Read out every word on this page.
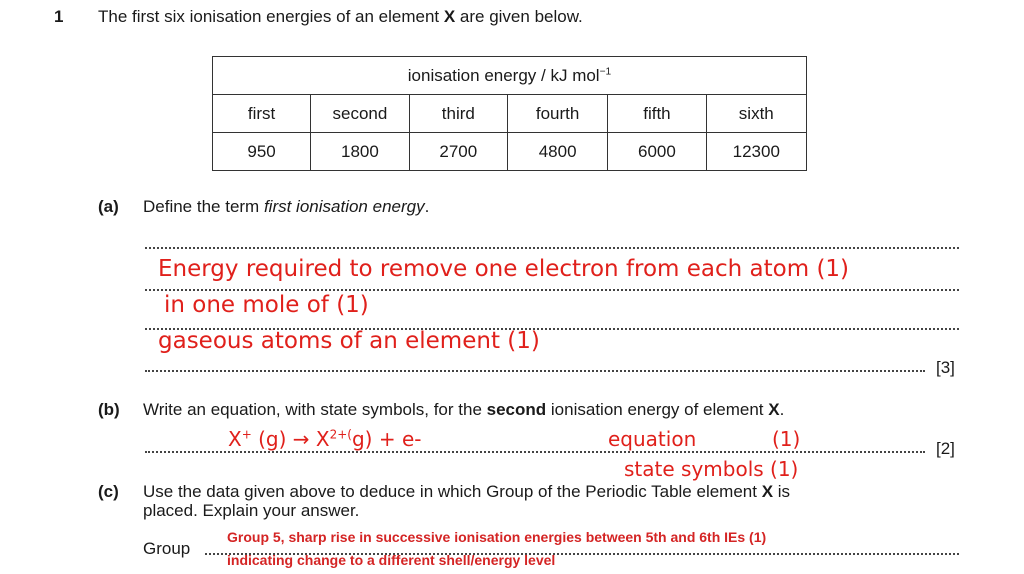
1 The first six ionisation energies of an element X are given below.
ionisation energy / kJ mol$^{-1}$
first	second	third	fourth	fifth	sixth
950	1800	2700	4800	6000	12300
(a) Define the term first ionisation energy.
[3]
Energy required to remove one electron from each atom (1)
in one mole of (1)
gaseous atoms of an element (1)
(b) Write an equation, with state symbols, for the second ionisation energy of element X.
[2]
X+ $(g) \to X^{2+(}g) + e-$	equation	(1)
state symbols (1)
(c) Use the data given above to deduce in which Group of the Periodic Table element X is
placed. Explain your answer.
Group
Group 5, sharp rise in successive ionisation energies between 5th and 6th IEs (1)
indicating change to a different shell/energy level
